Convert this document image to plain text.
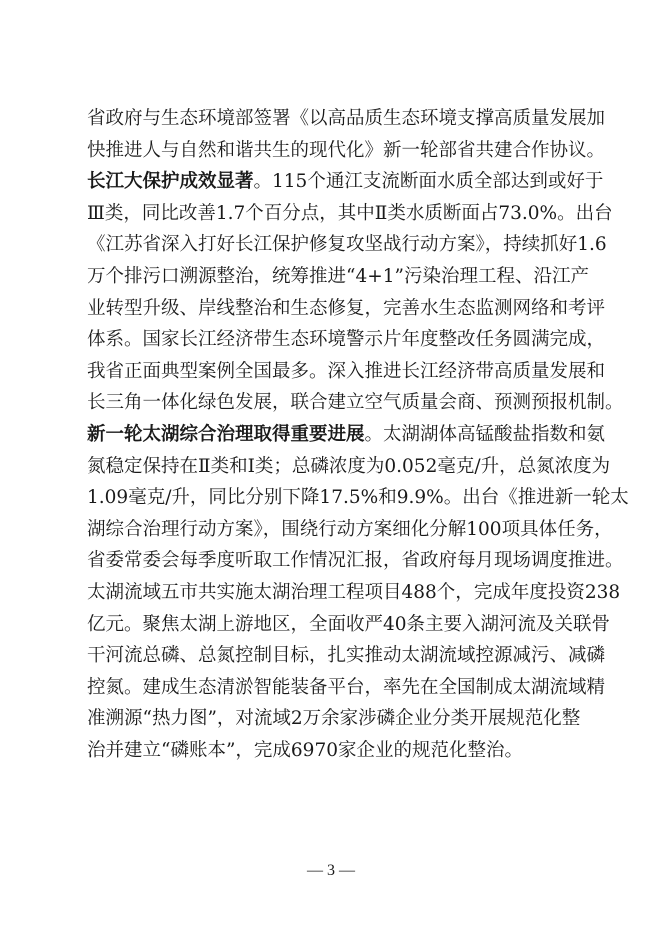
省政府与生态环境部签署《以高品质生态环境支撑高质量发展加
快推进人与自然和谐共生的现代化》新一轮部省共建合作协议。
长江大保护成效显著。115个通江支流断面水质全部达到或好于
Ⅲ类，同比改善1.7个百分点，其中Ⅱ类水质断面占73.0%。出台
《江苏省深入打好长江保护修复攻坚战行动方案》，持续抓好1.6
万个排污口溯源整治，统筹推进“4+1”污染治理工程、沿江产
业转型升级、岸线整治和生态修复，完善水生态监测网络和考评
体系。国家长江经济带生态环境警示片年度整改任务圆满完成，
我省正面典型案例全国最多。深入推进长江经济带高质量发展和
长三角一体化绿色发展，联合建立空气质量会商、预测预报机制。
新一轮太湖综合治理取得重要进展。太湖湖体高锰酸盐指数和氨
氮稳定保持在Ⅱ类和Ⅰ类；总磷浓度为0.052毫克/升，总氮浓度为
1.09毫克/升，同比分别下降17.5%和9.9%。出台《推进新一轮太
湖综合治理行动方案》，围绕行动方案细化分解100项具体任务，
省委常委会每季度听取工作情况汇报，省政府每月现场调度推进。
太湖流域五市共实施太湖治理工程项目488个，完成年度投资238
亿元。聚焦太湖上游地区，全面收严40条主要入湖河流及关联骨
干河流总磷、总氮控制目标，扎实推动太湖流域控源减污、减磷
控氮。建成生态清淤智能装备平台，率先在全国制成太湖流域精
准溯源“热力图”，对流域2万余家涉磷企业分类开展规范化整
治并建立“磷账本”，完成6970家企业的规范化整治。
— 3 —
